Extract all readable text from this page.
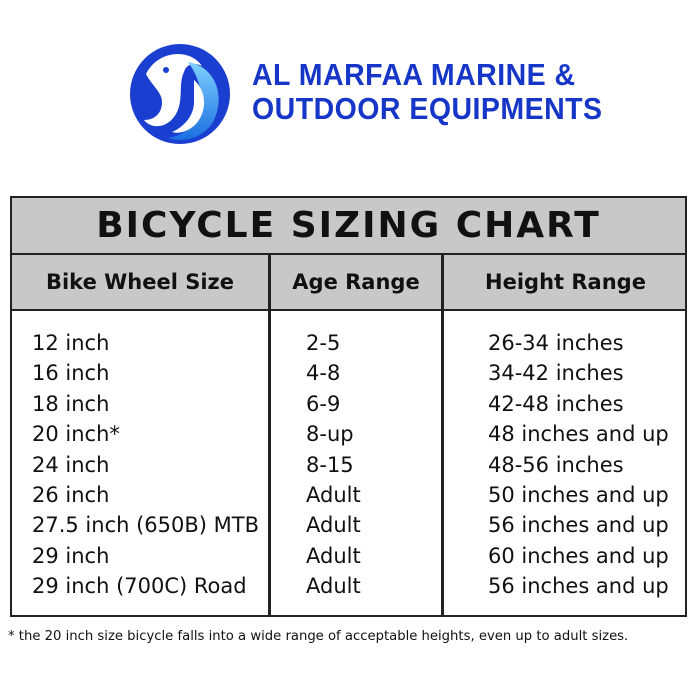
AL MARFAA MARINE &
OUTDOOR EQUIPMENTS
BICYCLE SIZING CHART
Bike Wheel Size	Age Range	Height Range
12 inch
16 inch
18 inch
20 inch*
24 inch
26 inch
27.5 inch (650B) MTB
29 inch
29 inch (700C) Road
2-5
4-8
6-9
8-up
8-15
Adult
Adult
Adult
Adult
26-34 inches
34-42 inches
42-48 inches
48 inches and up
48-56 inches
50 inches and up
56 inches and up
60 inches and up
56 inches and up
* the 20 inch size bicycle falls into a wide range of acceptable heights, even up to adult sizes.
